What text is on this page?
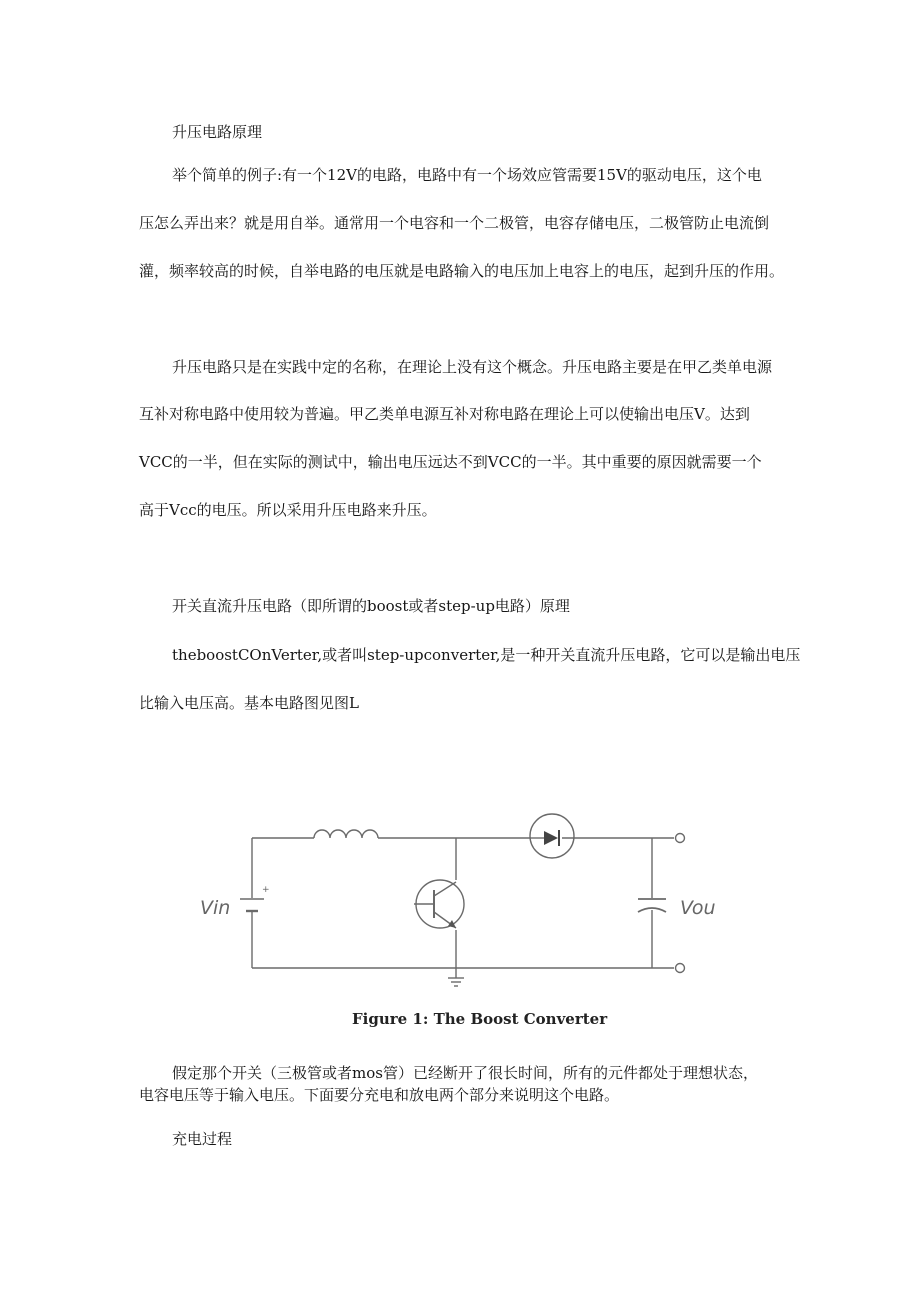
升压电路原理
举个简单的例子:有一个12V的电路，电路中有一个场效应管需要15V的驱动电压，这个电
压怎么弄出来？就是用自举。通常用一个电容和一个二极管，电容存储电压，二极管防止电流倒
灌，频率较高的时候，自举电路的电压就是电路输入的电压加上电容上的电压，起到升压的作用。
升压电路只是在实践中定的名称，在理论上没有这个概念。升压电路主要是在甲乙类单电源
互补对称电路中使用较为普遍。甲乙类单电源互补对称电路在理论上可以使输出电压V。达到
VCC的一半，但在实际的测试中，输出电压远达不到VCC的一半。其中重要的原因就需要一个
高于Vcc的电压。所以采用升压电路来升压。
开关直流升压电路（即所谓的boost或者step-up电路）原理
theboostCOnVerter,或者叫step-upconverter,是一种开关直流升压电路，它可以是输出电压
比输入电压高。基本电路图见图L
+
Vin	Vou
Figure 1: The Boost Converter
假定那个开关（三极管或者mos管）已经断开了很长时间，所有的元件都处于理想状态，
电容电压等于输入电压。下面要分充电和放电两个部分来说明这个电路。
充电过程
